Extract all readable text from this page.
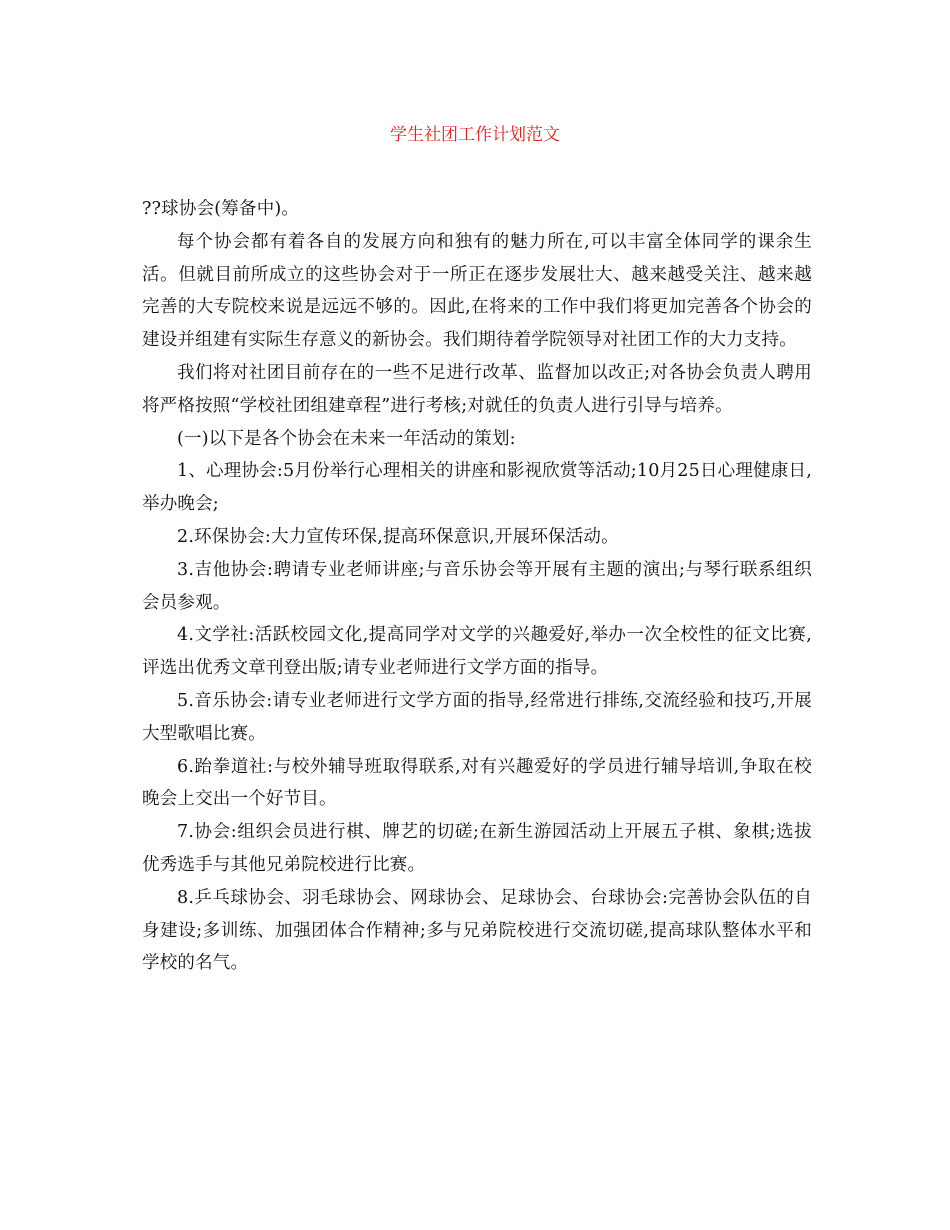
学生社团工作计划范文

??球协会(筹备中)。

每个协会都有着各自的发展方向和独有的魅力所在,可以丰富全体同学的课余生活。但就目前所成立的这些协会对于一所正在逐步发展壮大、越来越受关注、越来越完善的大专院校来说是远远不够的。因此,在将来的工作中我们将更加完善各个协会的建设并组建有实际生存意义的新协会。我们期待着学院领导对社团工作的大力支持。

我们将对社团目前存在的一些不足进行改革、监督加以改正;对各协会负责人聘用将严格按照“学校社团组建章程”进行考核;对就任的负责人进行引导与培养。

(一)以下是各个协会在未来一年活动的策划:

1、心理协会:5月份举行心理相关的讲座和影视欣赏等活动;10月25日心理健康日,举办晚会;

2.环保协会:大力宣传环保,提高环保意识,开展环保活动。

3.吉他协会:聘请专业老师讲座;与音乐协会等开展有主题的演出;与琴行联系组织会员参观。

4.文学社:活跃校园文化,提高同学对文学的兴趣爱好,举办一次全校性的征文比赛,评选出优秀文章刊登出版;请专业老师进行文学方面的指导。

5.音乐协会:请专业老师进行文学方面的指导,经常进行排练,交流经验和技巧,开展大型歌唱比赛。

6.跆拳道社:与校外辅导班取得联系,对有兴趣爱好的学员进行辅导培训,争取在校晚会上交出一个好节目。

7.协会:组织会员进行棋、牌艺的切磋;在新生游园活动上开展五子棋、象棋;选拔优秀选手与其他兄弟院校进行比赛。

8.乒乓球协会、羽毛球协会、网球协会、足球协会、台球协会:完善协会队伍的自身建设;多训练、加强团体合作精神;多与兄弟院校进行交流切磋,提高球队整体水平和学校的名气。
